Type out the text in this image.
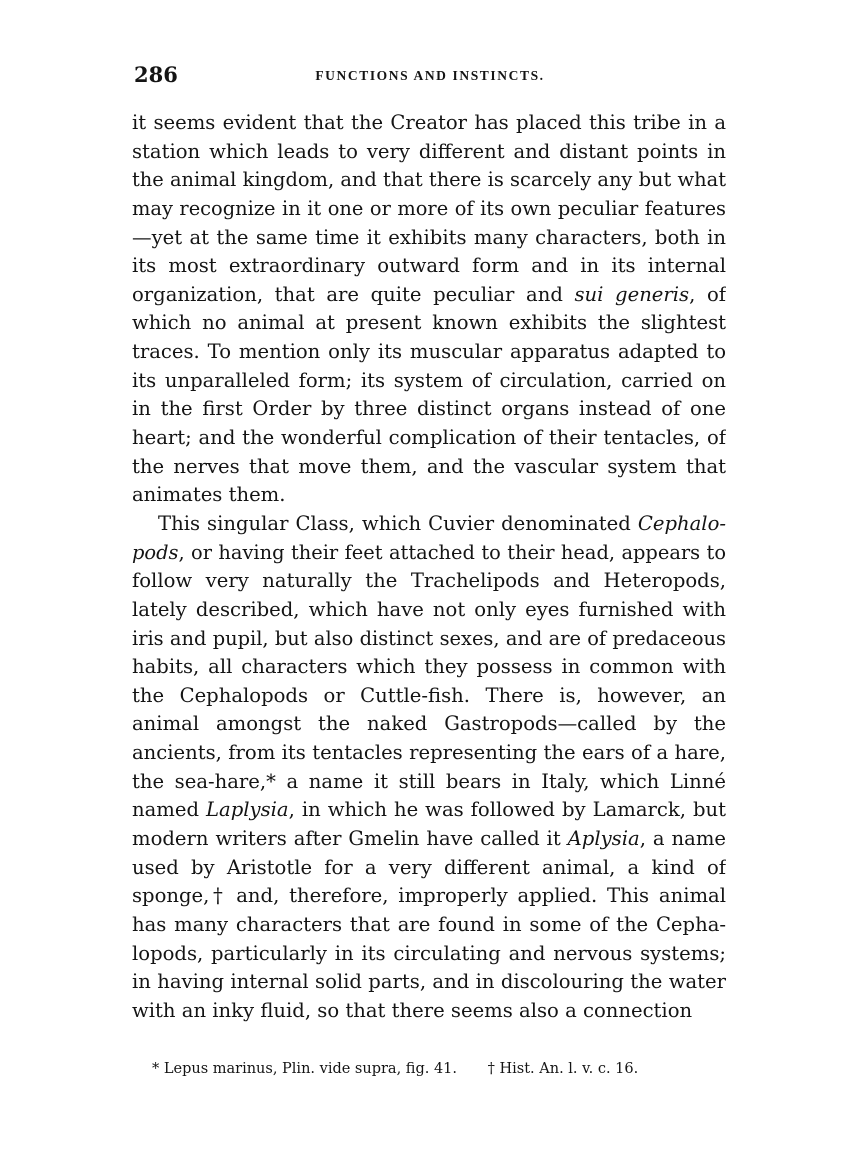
286	FUNCTIONS AND INSTINCTS.
it seems evident that the Creator has placed this tribe in a
station which leads to very different and distant points in
the animal kingdom, and that there is scarcely any but what
may recognize in it one or more of its own peculiar features
—yet at the same time it exhibits many characters, both in
its most extraordinary outward form and in its internal
organization, that are quite peculiar and sui generis, of
which no animal at present known exhibits the slightest
traces. To mention only its muscular apparatus adapted to
its unparalleled form; its system of circulation, carried on
in the first Order by three distinct organs instead of one
heart; and the wonderful complication of their tentacles, of
the nerves that move them, and the vascular system that
animates them.
This singular Class, which Cuvier denominated Cephalo-
pods, or having their feet attached to their head, appears to
follow very naturally the Trachelipods and Heteropods,
lately described, which have not only eyes furnished with
iris and pupil, but also distinct sexes, and are of predaceous
habits, all characters which they possess in common with
the Cephalopods or Cuttle-fish. There is, however, an
animal amongst the naked Gastropods—called by the
ancients, from its tentacles representing the ears of a hare,
the sea-hare,* a name it still bears in Italy, which Linné
named Laplysia, in which he was followed by Lamarck, but
modern writers after Gmelin have called it Aplysia, a name
used by Aristotle for a very different animal, a kind of
sponge,† and, therefore, improperly applied. This animal
has many characters that are found in some of the Cepha-
lopods, particularly in its circulating and nervous systems;
in having internal solid parts, and in discolouring the water
with an inky fluid, so that there seems also a connection
* Lepus marinus, Plin. vide supra, fig. 41. † Hist. An. l. v. c. 16.
